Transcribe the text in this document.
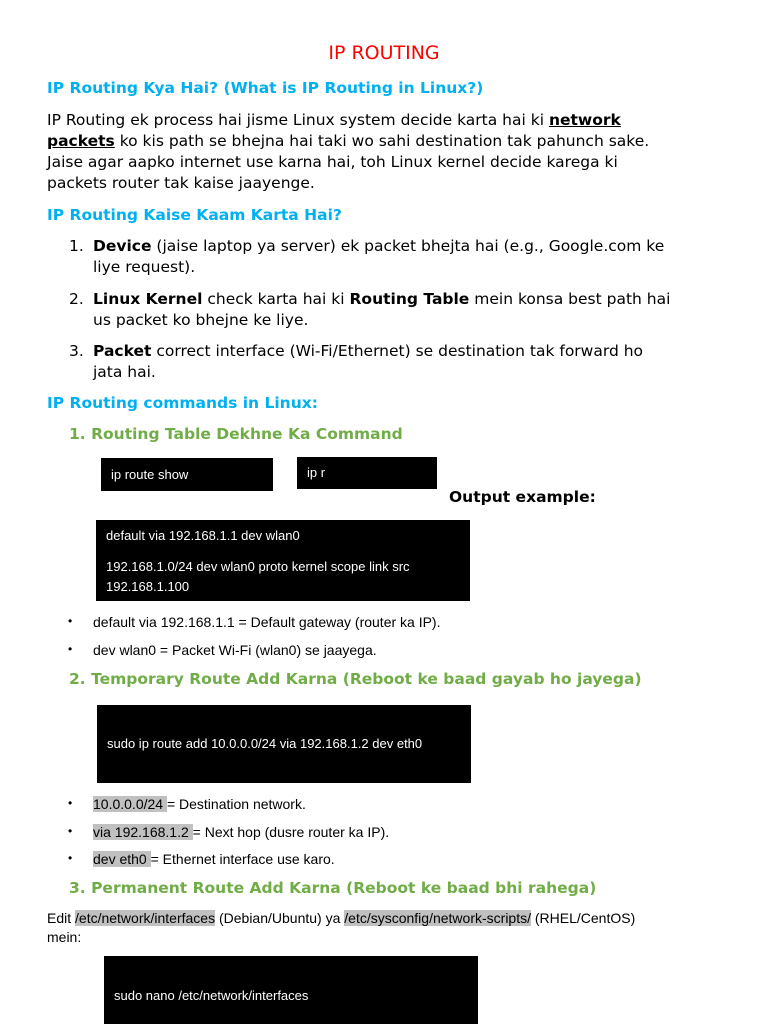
IP ROUTING
IP Routing Kya Hai? (What is IP Routing in Linux?)
IP Routing ek process hai jisme Linux system decide karta hai ki network
packets ko kis path se bhejna hai taki wo sahi destination tak pahunch sake.
Jaise agar aapko internet use karna hai, toh Linux kernel decide karega ki
packets router tak kaise jaayenge.
IP Routing Kaise Kaam Karta Hai?
1. Device (jaise laptop ya server) ek packet bhejta hai (e.g., Google.com ke
liye request).
2. Linux Kernel check karta hai ki Routing Table mein konsa best path hai
us packet ko bhejne ke liye.
3. Packet correct interface (Wi-Fi/Ethernet) se destination tak forward ho
jata hai.
IP Routing commands in Linux:
1. Routing Table Dekhne Ka Command
ip route show	ip r
Output example:
default via 192.168.1.1 dev wlan0
192.168.1.0/24 dev wlan0 proto kernel scope link src
192.168.1.100
• default via 192.168.1.1 = Default gateway (router ka IP).
• dev wlan0 = Packet Wi-Fi (wlan0) se jaayega.
2. Temporary Route Add Karna (Reboot ke baad gayab ho jayega)
sudo ip route add 10.0.0.0/24 via 192.168.1.2 dev eth0
• 10.0.0.0/24 = Destination network.
• via 192.168.1.2 = Next hop (dusre router ka IP).
• dev eth0 = Ethernet interface use karo.
3. Permanent Route Add Karna (Reboot ke baad bhi rahega)
Edit /etc/network/interfaces (Debian/Ubuntu) ya /etc/sysconfig/network-scripts/ (RHEL/CentOS)
mein:
sudo nano /etc/network/interfaces
